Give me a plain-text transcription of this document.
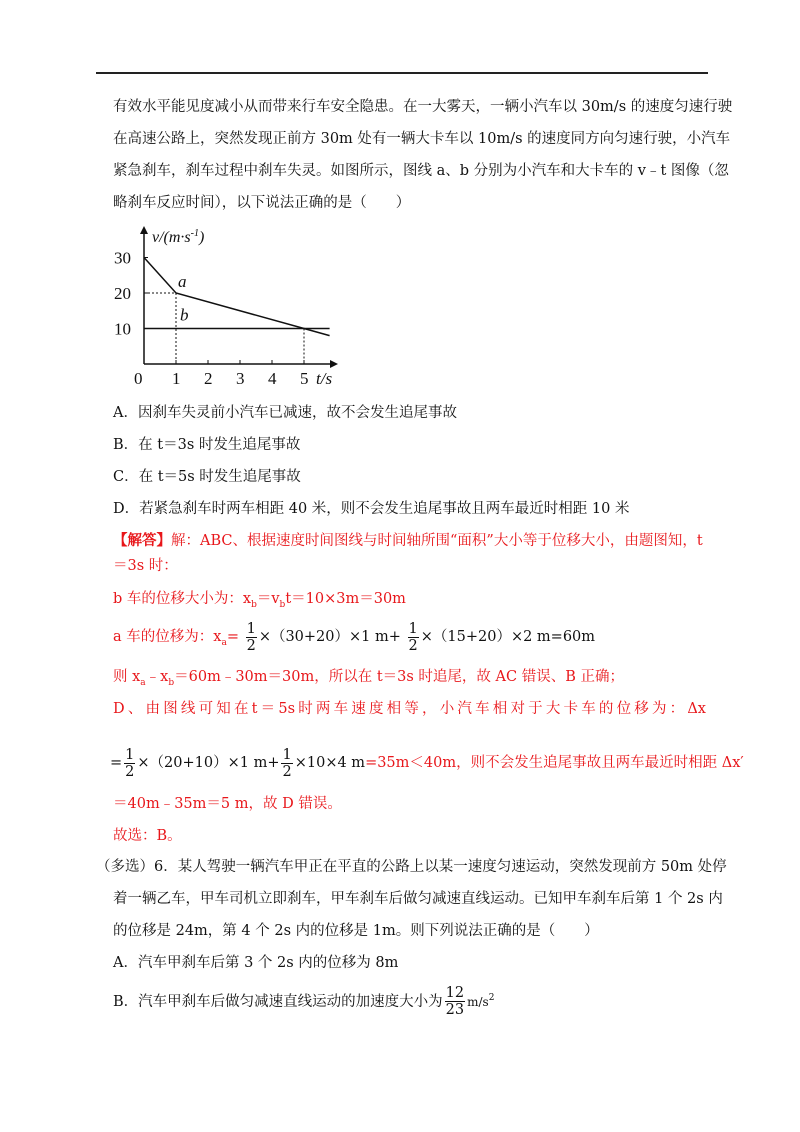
有效水平能见度减小从而带来行车安全隐患。在一大雾天，一辆小汽车以 30m/s 的速度匀速行驶
在高速公路上，突然发现正前方 30m 处有一辆大卡车以 10m/s 的速度同方向匀速行驶，小汽车
紧急刹车，刹车过程中刹车失灵。如图所示，图线 a、b 分别为小汽车和大卡车的 v﹣t 图像（忽
略刹车反应时间），以下说法正确的是（　　）
$v/(m\cdot s^{-1})$
t/s
30
20
10
0 1 2 3 4 5
a
b
A．因刹车失灵前小汽车已减速，故不会发生追尾事故
B．在 t＝3s 时发生追尾事故
C．在 t＝5s 时发生追尾事故
D．若紧急刹车时两车相距 40 米，则不会发生追尾事故且两车最近时相距 10 米
【解答】解：ABC、根据速度时间图线与时间轴所围“面积”大小等于位移大小，由题图知，t
＝3s 时：
b 车的位移大小为：$x_b=v_bt=10\times 3m=30m$
a 车的位移为：$x_a= \frac{1}{2} \times(30+20)\times 1$ $m+ \frac{1}{2} \times(15+20)\times 2$ m=60m
则 $x_a﹣x_b=60m﹣30m=30m$，所以在 t＝3s 时追尾，故 AC 错误、B 正确；
D 、 由 图 线 可 知 在 t ＝ 5s 时 两 车 速 度 相 等 ， 小 汽 车 相 对 于 大 卡 车 的 位 移 为 ： Δx
= $\frac{1}{2} \times(20+10)\times 1$ $m+ \frac{1}{2} \times 10\times 4$ m=35m＜40m，则不会发生追尾事故且两车最近时相距 Δx′
＝40m﹣35m＝5 m，故 D 错误。
故选：B。
（多选）6．某人驾驶一辆汽车甲正在平直的公路上以某一速度匀速运动，突然发现前方 50m 处停
着一辆乙车，甲车司机立即刹车，甲车刹车后做匀减速直线运动。已知甲车刹车后第 1 个 2s 内
的位移是 24m，第 4 个 2s 内的位移是 1m。则下列说法正确的是（　　）
A．汽车甲刹车后第 3 个 2s 内的位移为 8m
B．汽车甲刹车后做匀减速直线运动的加速度大小为 $\frac{12}{23} m/s^2$
